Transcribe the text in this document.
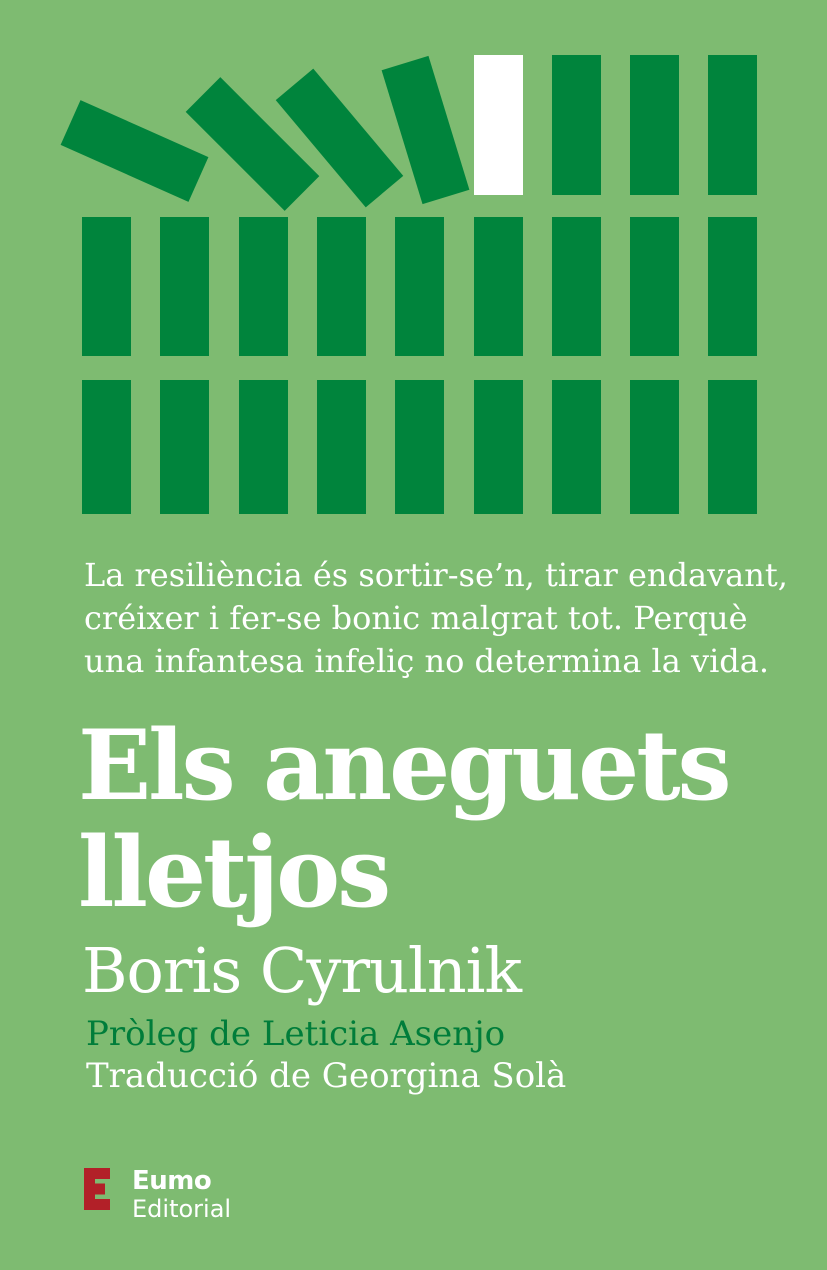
La resiliència és sortir-se’n, tirar endavant,
créixer i fer-se bonic malgrat tot. Perquè
una infantesa infeliç no determina la vida.
Els aneguets
lletjos
Boris Cyrulnik
Pròleg de Leticia Asenjo
Traducció de Georgina Solà
Eumo
Editorial
